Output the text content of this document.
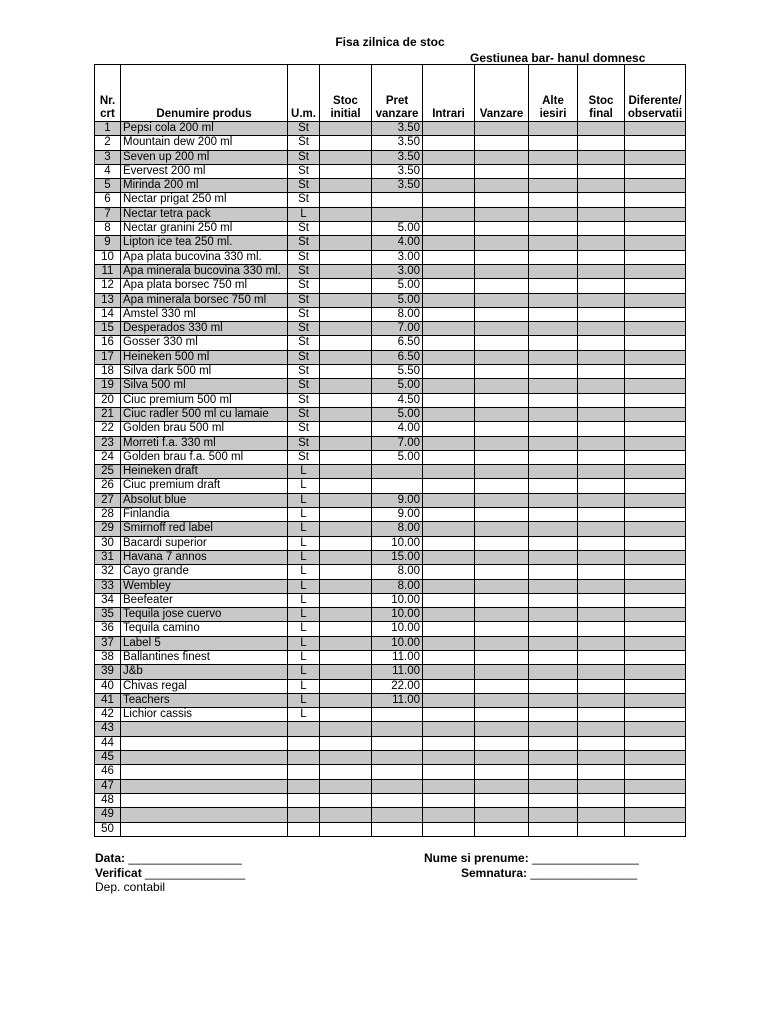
Fisa zilnica de stoc
Gestiunea bar- hanul domnesc
Nr. crt	Denumire produs	U.m.	Stoc initial	Pret vanzare	Intrari	Vanzare	Alte iesiri	Stoc final	Diferente/ observatii
1	Pepsi cola 200 ml	St		3.50					
2	Mountain dew 200 ml	St		3.50					
3	Seven up 200 ml	St		3.50					
4	Evervest 200 ml	St		3.50					
5	Mirinda 200 ml	St		3.50					
6	Nectar prigat 250 ml	St							
7	Nectar tetra pack	L							
8	Nectar granini 250 ml	St		5.00					
9	Lipton ice tea 250 ml.	St		4.00					
10	Apa plata bucovina 330 ml.	St		3.00					
11	Apa minerala bucovina 330 ml.	St		3.00					
12	Apa plata borsec 750 ml	St		5.00					
13	Apa minerala borsec 750 ml	St		5.00					
14	Amstel 330 ml	St		8.00					
15	Desperados 330 ml	St		7.00					
16	Gosser 330 ml	St		6.50					
17	Heineken 500 ml	St		6.50					
18	Silva dark 500 ml	St		5.50					
19	Silva 500 ml	St		5.00					
20	Ciuc premium 500 ml	St		4.50					
21	Ciuc radler 500 ml cu lamaie	St		5.00					
22	Golden brau 500 ml	St		4.00					
23	Morreti f.a. 330 ml	St		7.00					
24	Golden brau f.a. 500 ml	St		5.00					
25	Heineken draft	L							
26	Ciuc premium draft	L							
27	Absolut blue	L		9.00					
28	Finlandia	L		9.00					
29	Smirnoff red label	L		8.00					
30	Bacardi superior	L		10.00					
31	Havana 7 annos	L		15.00					
32	Cayo grande	L		8.00					
33	Wembley	L		8.00					
34	Beefeater	L		10.00					
35	Tequila jose cuervo	L		10.00					
36	Tequila camino	L		10.00					
37	Label 5	L		10.00					
38	Ballantines finest	L		11.00					
39	J&b	L		11.00					
40	Chivas regal	L		22.00					
41	Teachers	L		11.00					
42	Lichior cassis	L							
43									
44									
45									
46									
47									
48									
49									
50									
Data: _________________
Verificat _______________
Dep. contabil
Nume si prenume: ________________
Semnatura: ________________
